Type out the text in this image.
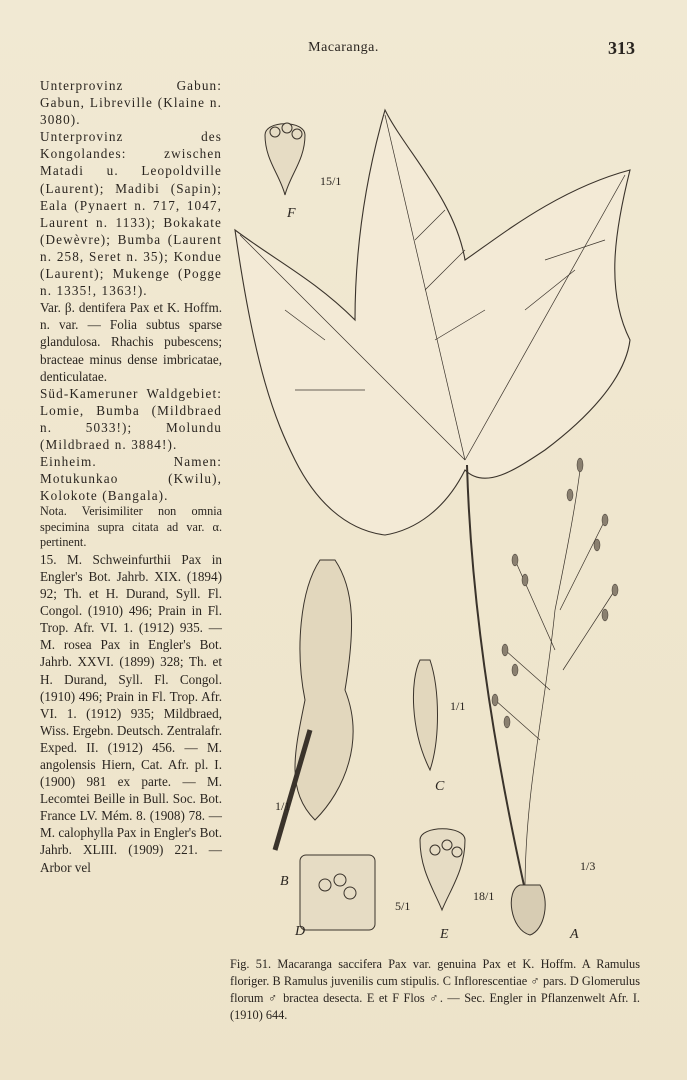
Macaranga.	313

Unterprovinz Gabun: Gabun, Libreville (Klaine n. 3080).

Unterprovinz des Kongolandes: zwischen Matadi u. Leopoldville (Laurent); Madibi (Sapin); Eala (Pynaert n. 717, 1047, Laurent n. 1133); Bokakate (Dewèvre); Bumba (Laurent n. 258, Seret n. 35); Kondue (Laurent); Mukenge (Pogge n. 1335!, 1363!).

Var. β. dentifera Pax et K. Hoffm. n. var. — Folia subtus sparse glandulosa. Rhachis pubescens; bracteae minus dense imbricatae, denticulatae.

Süd-Kameruner Waldgebiet: Lomie, Bumba (Mildbraed n. 5033!); Molundu (Mildbraed n. 3884!).

Einheim. Namen: Motukunkao (Kwilu), Kolokote (Bangala).

Nota. Verisimiliter non omnia specimina supra citata ad var. α. pertinent.

15. M. Schweinfurthii Pax in Engler's Bot. Jahrb. XIX. (1894) 92; Th. et H. Durand, Syll. Fl. Congol. (1910) 496; Prain in Fl. Trop. Afr. VI. 1. (1912) 935. — M. rosea Pax in Engler's Bot. Jahrb. XXVI. (1899) 328; Th. et H. Durand, Syll. Fl. Congol. (1910) 496; Prain in Fl. Trop. Afr. VI. 1. (1912) 935; Mildbraed, Wiss. Ergebn. Deutsch. Zentralafr. Exped. II. (1912) 456. — M. angolensis Hiern, Cat. Afr. pl. I. (1900) 981 ex parte. — M. Lecomtei Beille in Bull. Soc. Bot. France LV. Mém. 8. (1908) 78. — M. calophylla Pax in Engler's Bot. Jahrb. XLIII. (1909) 221. — Arbor vel

F
15/1
1/1
C
1/1
B
5/1
D
18/1
E
1/3
A

Fig. 51. Macaranga saccifera Pax var. genuina Pax et K. Hoffm. A Ramulus floriger. B Ramulus juvenilis cum stipulis. C Inflorescentiae ♂ pars. D Glomerulus florum ♂ bractea desecta. E et F Flos ♂. — Sec. Engler in Pflanzenwelt Afr. I. (1910) 644.
